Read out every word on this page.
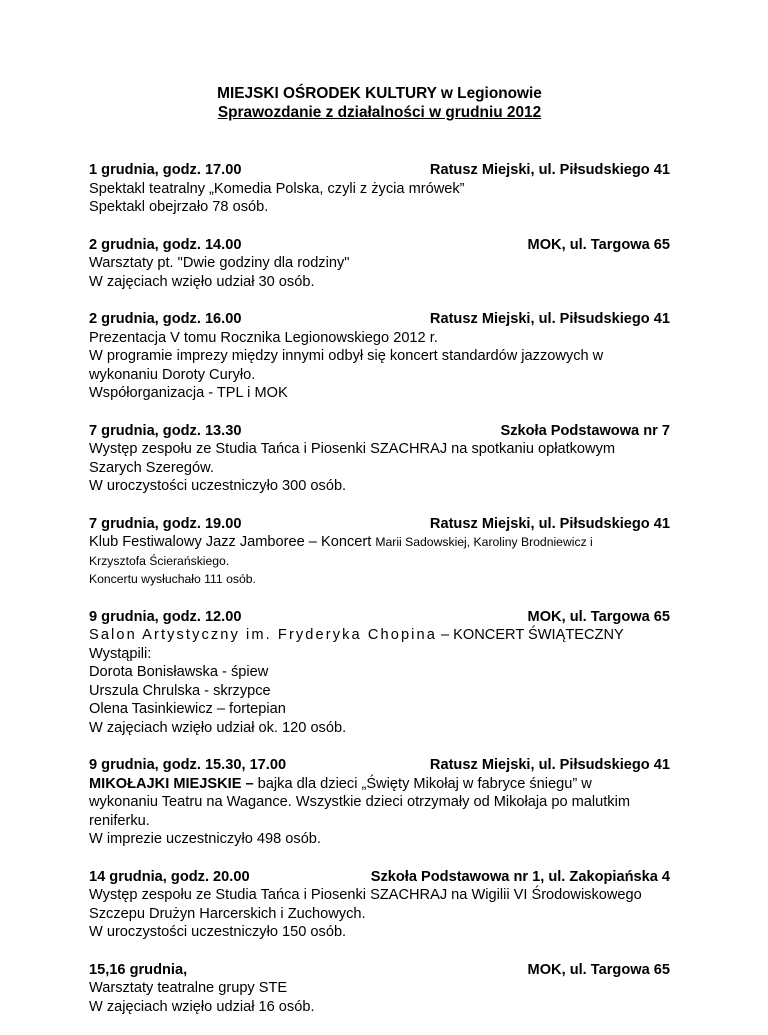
MIEJSKI OŚRODEK KULTURY w Legionowie
Sprawozdanie z działalności w grudniu 2012
1 grudnia, godz. 17.00	Ratusz Miejski, ul. Piłsudskiego 41
Spektakl teatralny „Komedia Polska, czyli z życia mrówek”
Spektakl obejrzało 78 osób.
2 grudnia, godz. 14.00	MOK, ul. Targowa 65
Warsztaty pt. "Dwie godziny dla rodziny"
W zajęciach wzięło udział 30 osób.
2 grudnia, godz. 16.00	Ratusz Miejski, ul. Piłsudskiego 41
Prezentacja V tomu Rocznika Legionowskiego 2012 r.
W programie imprezy między innymi odbył się koncert standardów jazzowych w
wykonaniu Doroty Curyło.
Współorganizacja - TPL i MOK
7 grudnia, godz. 13.30	Szkoła Podstawowa nr 7
Występ zespołu ze Studia Tańca i Piosenki SZACHRAJ na spotkaniu opłatkowym
Szarych Szeregów.
W uroczystości uczestniczyło 300 osób.
7 grudnia, godz. 19.00	Ratusz Miejski, ul. Piłsudskiego 41
Klub Festiwalowy Jazz Jamboree – Koncert Marii Sadowskiej, Karoliny Brodniewicz i
Krzysztofa Ścierańskiego.
Koncertu wysłuchało 111 osób.
9 grudnia, godz. 12.00	MOK, ul. Targowa 65
Salon Artystyczny im. Fryderyka Chopina – KONCERT ŚWIĄTECZNY
Wystąpili:
Dorota Bonisławska - śpiew
Urszula Chrulska - skrzypce
Olena Tasinkiewicz – fortepian
W zajęciach wzięło udział ok. 120 osób.
9 grudnia, godz. 15.30, 17.00	Ratusz Miejski, ul. Piłsudskiego 41
MIKOŁAJKI MIEJSKIE – bajka dla dzieci „Święty Mikołaj w fabryce śniegu” w
wykonaniu Teatru na Wagance. Wszystkie dzieci otrzymały od Mikołaja po malutkim
reniferku.
W imprezie uczestniczyło 498 osób.
14 grudnia, godz. 20.00	Szkoła Podstawowa nr 1, ul. Zakopiańska 4
Występ zespołu ze Studia Tańca i Piosenki SZACHRAJ na Wigilii VI Środowiskowego
Szczepu Drużyn Harcerskich i Zuchowych.
W uroczystości uczestniczyło 150 osób.
15,16 grudnia,	MOK, ul. Targowa 65
Warsztaty teatralne grupy STE
W zajęciach wzięło udział 16 osób.
